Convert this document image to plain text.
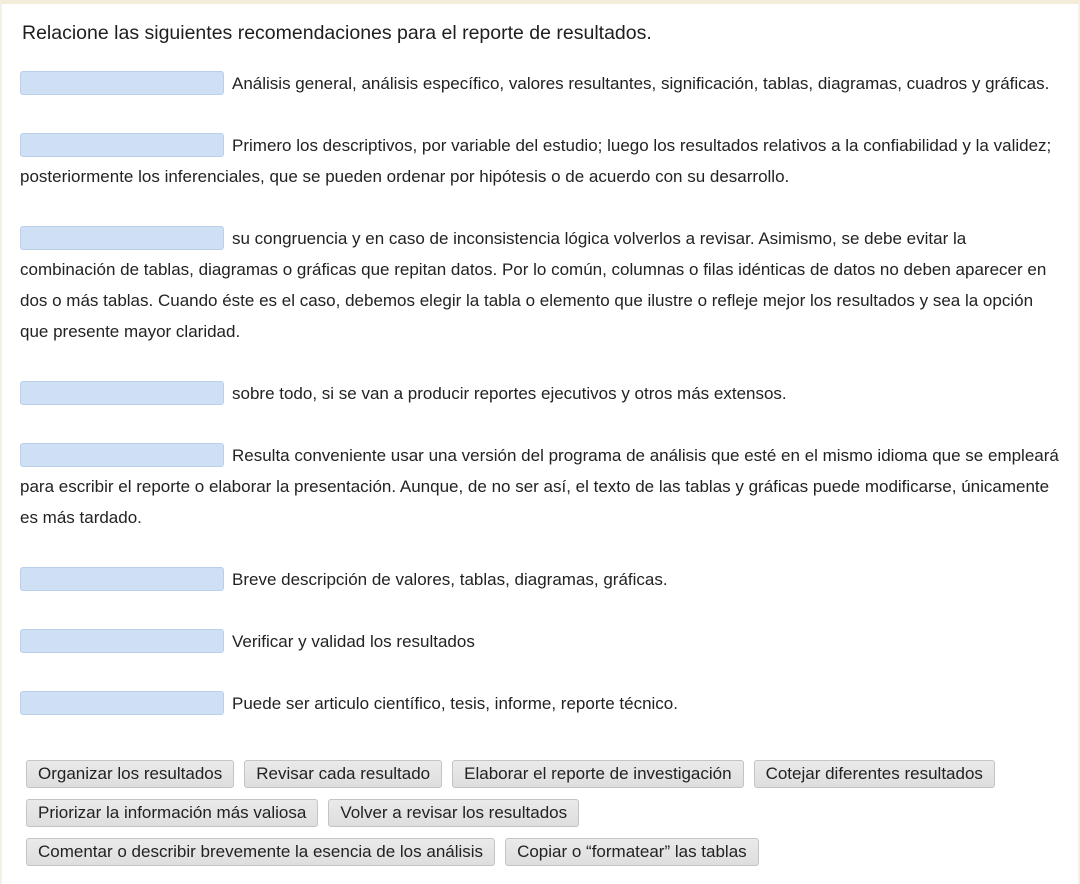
Relacione las siguientes recomendaciones para el reporte de resultados.

Análisis general, análisis específico, valores resultantes, significación, tablas, diagramas, cuadros y gráficas.

Primero los descriptivos, por variable del estudio; luego los resultados relativos a la confiabilidad y la validez; posteriormente los inferenciales, que se pueden ordenar por hipótesis o de acuerdo con su desarrollo.

su congruencia y en caso de inconsistencia lógica volverlos a revisar. Asimismo, se debe evitar la combinación de tablas, diagramas o gráficas que repitan datos. Por lo común, columnas o filas idénticas de datos no deben aparecer en dos o más tablas. Cuando éste es el caso, debemos elegir la tabla o elemento que ilustre o refleje mejor los resultados y sea la opción que presente mayor claridad.

sobre todo, si se van a producir reportes ejecutivos y otros más extensos.

Resulta conveniente usar una versión del programa de análisis que esté en el mismo idioma que se empleará para escribir el reporte o elaborar la presentación. Aunque, de no ser así, el texto de las tablas y gráficas puede modificarse, únicamente es más tardado.

Breve descripción de valores, tablas, diagramas, gráficas.

Verificar y validad los resultados

Puede ser articulo científico, tesis, informe, reporte técnico.

Organizar los resultados	Revisar cada resultado	Elaborar el reporte de investigación	Cotejar diferentes resultados
Priorizar la información más valiosa	Volver a revisar los resultados
Comentar o describir brevemente la esencia de los análisis	Copiar o “formatear” las tablas
